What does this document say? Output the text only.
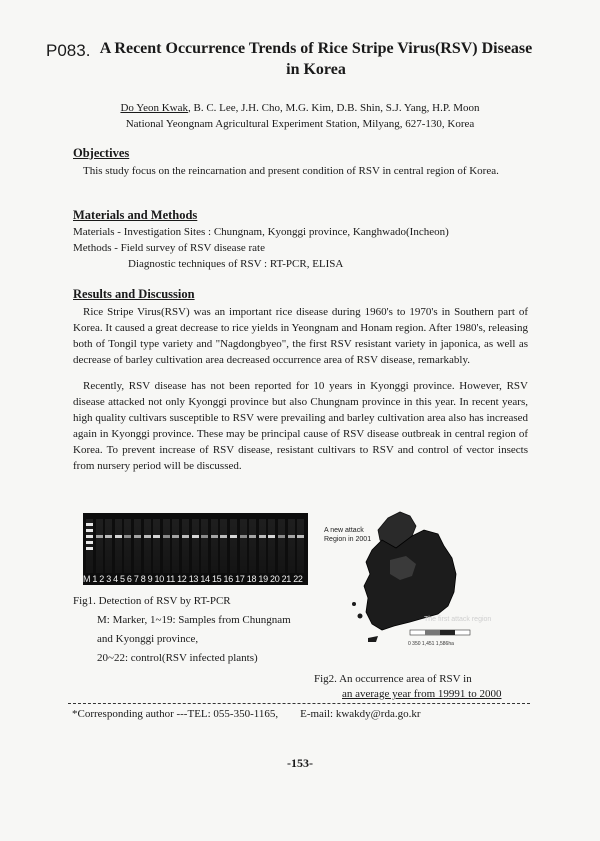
P083. A Recent Occurrence Trends of Rice Stripe Virus(RSV) Disease
in Korea
Do Yeon Kwak, B. C. Lee, J.H. Cho, M.G. Kim, D.B. Shin, S.J. Yang, H.P. Moon
National Yeongnam Agricultural Experiment Station, Milyang, 627-130, Korea
Objectives
This study focus on the reincarnation and present condition of RSV in central region of Korea.
Materials and Methods
Materials - Investigation Sites : Chungnam, Kyonggi province, Kanghwado(Incheon)
Methods - Field survey of RSV disease rate
Diagnostic techniques of RSV : RT-PCR, ELISA
Results and Discussion
Rice Stripe Virus(RSV) was an important rice disease during 1960's to 1970's in Southern part of Korea. It caused a great decrease to rice yields in Yeongnam and Honam region. After 1980's, releasing both of Tongil type variety and "Nagdongbyeo", the first RSV resistant variety in japonica, as well as decrease of barley cultivation area decreased occurrence area of RSV disease, remarkably.
Recently, RSV disease has not been reported for 10 years in Kyonggi province. However, RSV disease attacked not only Kyonggi province but also Chungnam province in this year. In recent years, high quality cultivars susceptible to RSV were prevailing and barley cultivation area also has increased again in Kyonggi province. These may be principal cause of RSV disease outbreak in central region of Korea. To prevent increase of RSV disease, resistant cultivars to RSV and control of vector insects from nursery period will be discussed.
M 1 2 3 4 5 6 7 8 9 10 11 12 13 14 15 16 17 18 19 20 21 22
Fig1. Detection of RSV by RT-PCR
M: Marker, 1~19: Samples from Chungnam
and Kyonggi province,
20~22: control(RSV infected plants)
A new attack
Region in 2001
The first attack region
0 350 1,451 1,586ha
Fig2. An occurrence area of RSV in
an average year from 19991 to 2000
*Corresponding author ---TEL: 055-350-1165,        E-mail: kwakdy@rda.go.kr
-153-
